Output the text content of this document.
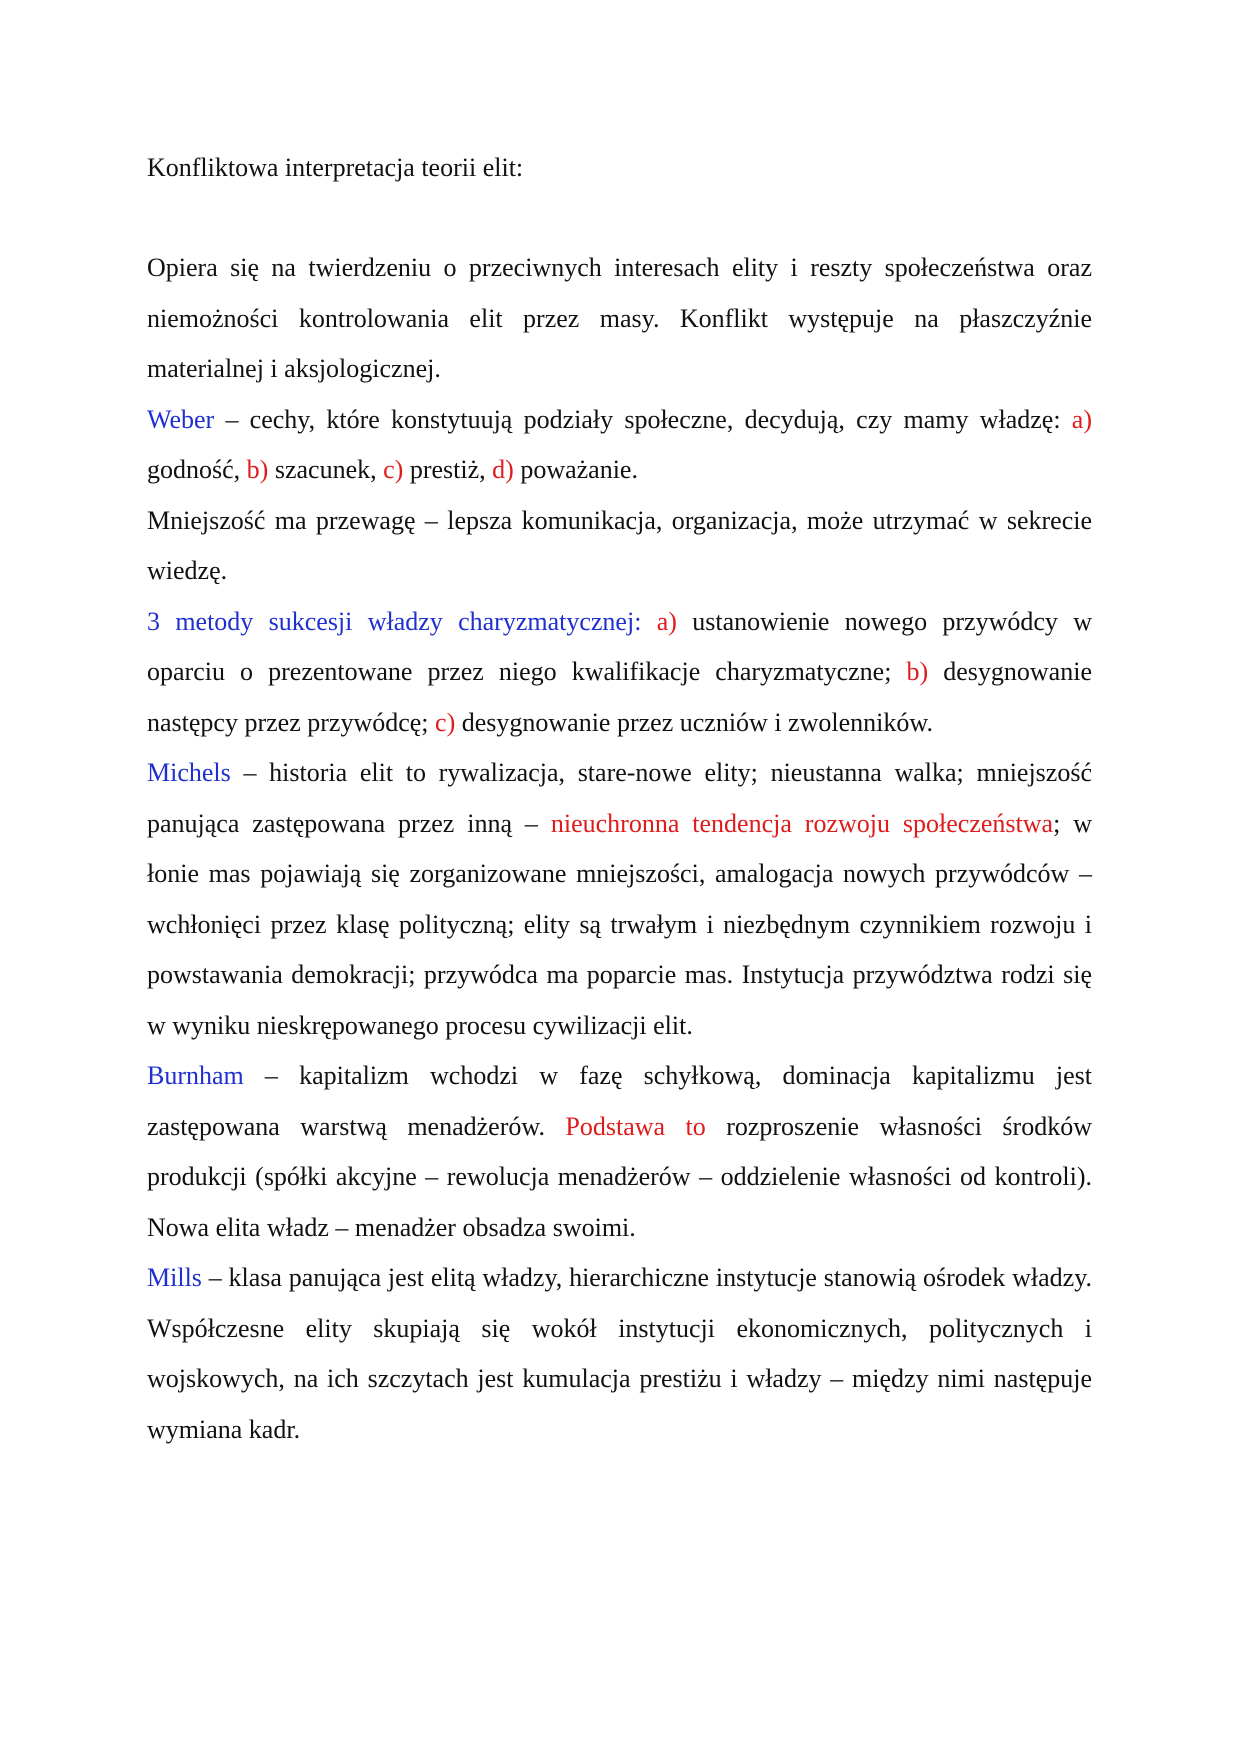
Konfliktowa interpretacja teorii elit:

Opiera się na twierdzeniu o przeciwnych interesach elity i reszty społeczeństwa oraz niemożności kontrolowania elit przez masy. Konflikt występuje na płaszczyźnie materialnej i aksjologicznej.

Weber – cechy, które konstytuują podziały społeczne, decydują, czy mamy władzę: a) godność, b) szacunek, c) prestiż, d) poważanie.

Mniejszość ma przewagę – lepsza komunikacja, organizacja, może utrzymać w sekrecie wiedzę.

3 metody sukcesji władzy charyzmatycznej: a) ustanowienie nowego przywódcy w oparciu o prezentowane przez niego kwalifikacje charyzmatyczne; b) desygnowanie następcy przez przywódcę; c) desygnowanie przez uczniów i zwolenników.

Michels – historia elit to rywalizacja, stare-nowe elity; nieustanna walka; mniejszość panująca zastępowana przez inną – nieuchronna tendencja rozwoju społeczeństwa; w łonie mas pojawiają się zorganizowane mniejszości, amalogacja nowych przywódców – wchłonięci przez klasę polityczną; elity są trwałym i niezbędnym czynnikiem rozwoju i powstawania demokracji; przywódca ma poparcie mas. Instytucja przywództwa rodzi się w wyniku nieskrępowanego procesu cywilizacji elit.

Burnham – kapitalizm wchodzi w fazę schyłkową, dominacja kapitalizmu jest zastępowana warstwą menadżerów. Podstawa to rozproszenie własności środków produkcji (spółki akcyjne – rewolucja menadżerów – oddzielenie własności od kontroli). Nowa elita władz – menadżer obsadza swoimi.

Mills – klasa panująca jest elitą władzy, hierarchiczne instytucje stanowią ośrodek władzy. Współczesne elity skupiają się wokół instytucji ekonomicznych, politycznych i wojskowych, na ich szczytach jest kumulacja prestiżu i władzy – między nimi następuje wymiana kadr.
